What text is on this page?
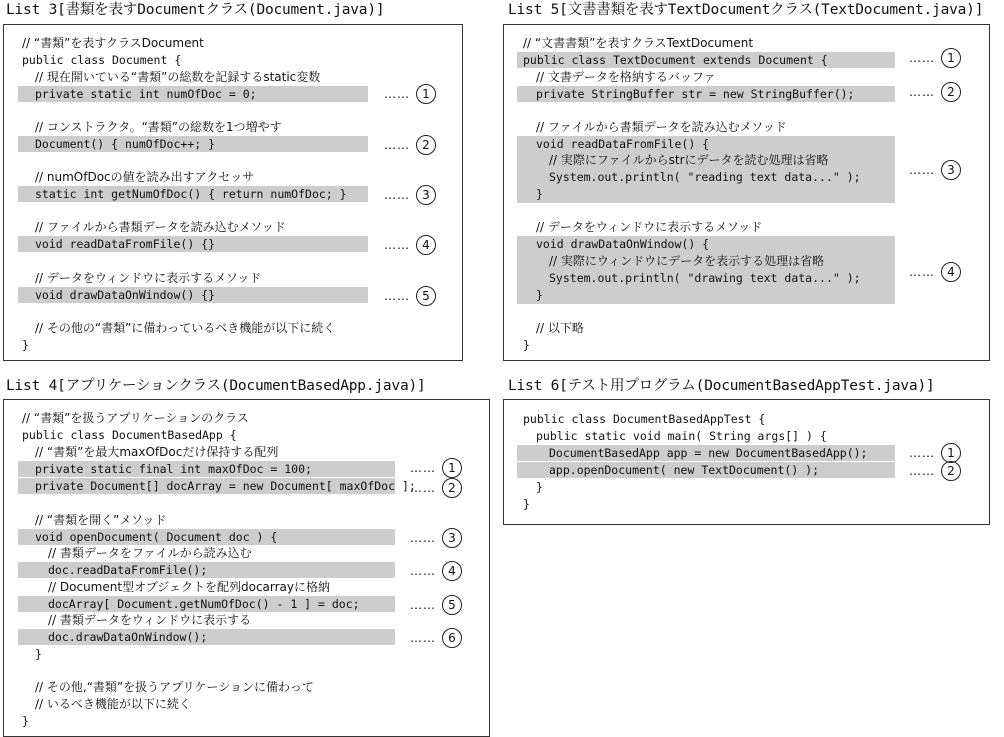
List 3[書類を表すDocumentクラス(Document.java)]
// “書類”を表すクラスDocument
public class Document {
// 現在開いている“書類”の総数を記録するstatic変数
private static int numOfDoc = 0;
// コンストラクタ。“書類”の総数を1つ増やす
Document() { numOfDoc++; }
// numOfDocの値を読み出すアクセッサ
static int getNumOfDoc() { return numOfDoc; }
// ファイルから書類データを読み込むメソッド
void readDataFromFile() {}
// データをウィンドウに表示するメソッド
void drawDataOnWindow() {}
// その他の“書類”に備わっているべき機能が以下に続く
}
…… 1
…… 2
…… 3
…… 4
…… 5
List 4[アプリケーションクラス(DocumentBasedApp.java)]
// “書類”を扱うアプリケーションのクラス
public class DocumentBasedApp {
// “書類”を最大maxOfDocだけ保持する配列
private static final int maxOfDoc = 100;
private Document[] docArray = new Document[ maxOfDoc ];
// “書類を開く”メソッド
void openDocument( Document doc ) {
// 書類データをファイルから読み込む
doc.readDataFromFile();
// Document型オブジェクトを配列docarrayに格納
docArray[ Document.getNumOfDoc() - 1 ] = doc;
// 書類データをウィンドウに表示する
doc.drawDataOnWindow();
}
// その他,“書類”を扱うアプリケーションに備わって
// いるべき機能が以下に続く
}
…… 1
…… 2
…… 3
…… 4
…… 5
…… 6
List 5[文書書類を表すTextDocumentクラス(TextDocument.java)]
// “文書書類”を表すクラスTextDocument
public class TextDocument extends Document {
// 文書データを格納するバッファ
private StringBuffer str = new StringBuffer();
// ファイルから書類データを読み込むメソッド
void readDataFromFile() {
// 実際にファイルからstrにデータを読む処理は省略
System.out.println( "reading text data..." );
}
// データをウィンドウに表示するメソッド
void drawDataOnWindow() {
// 実際にウィンドウにデータを表示する処理は省略
System.out.println( "drawing text data..." );
}
// 以下略
}
…… 1
…… 2
…… 3
…… 4
List 6[テスト用プログラム(DocumentBasedAppTest.java)]
public class DocumentBasedAppTest {
public static void main( String args[] ) {
DocumentBasedApp app = new DocumentBasedApp();
app.openDocument( new TextDocument() );
}
}
…… 1
…… 2
